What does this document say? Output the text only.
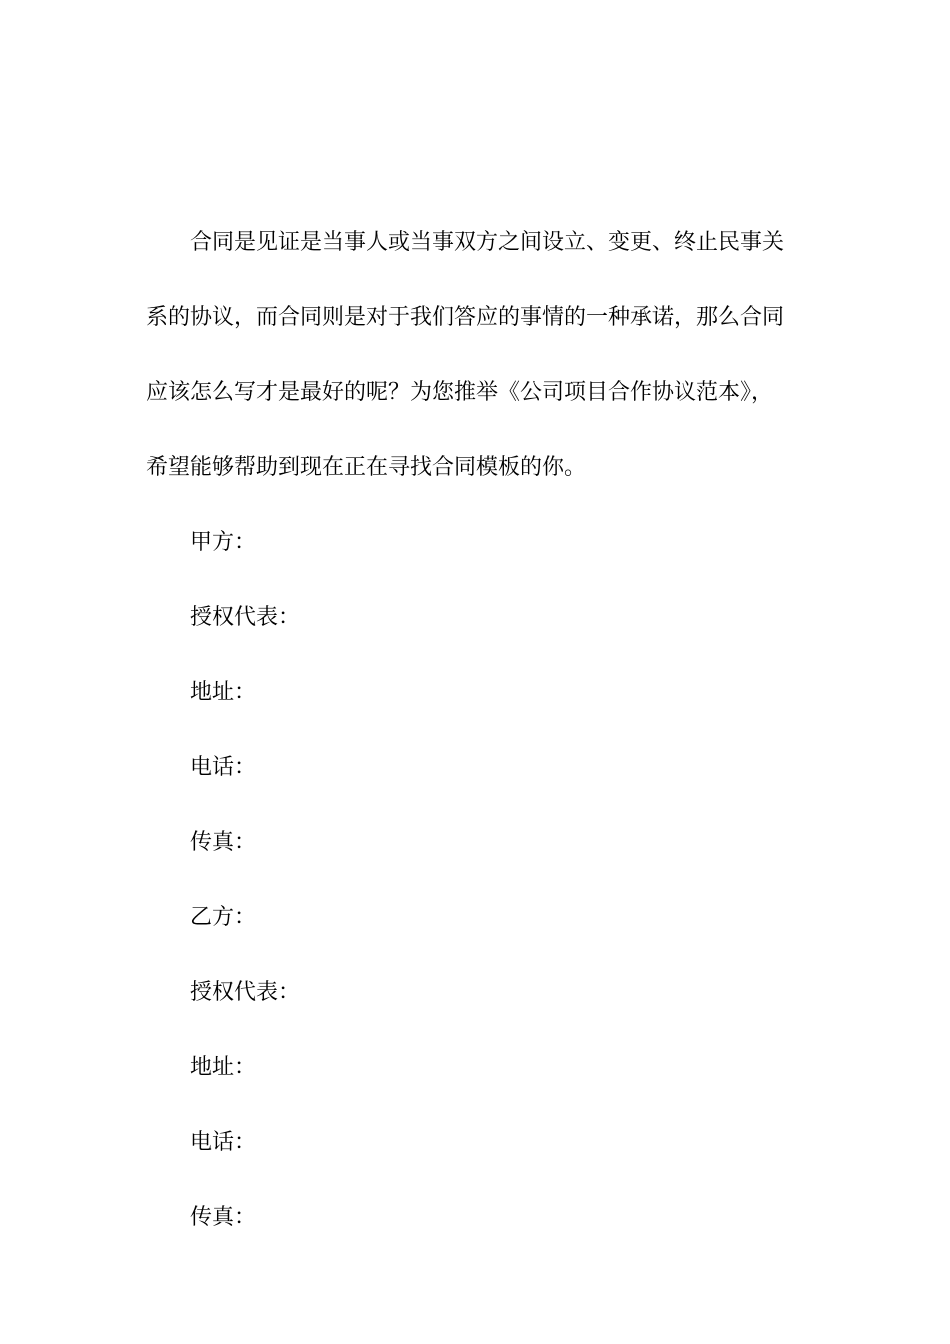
合同是见证是当事人或当事双方之间设立、变更、终止民事关
系的协议，而合同则是对于我们答应的事情的一种承诺，那么合同
应该怎么写才是最好的呢？为您推举《公司项目合作协议范本》，
希望能够帮助到现在正在寻找合同模板的你。
甲方：
授权代表：
地址：
电话：
传真：
乙方：
授权代表：
地址：
电话：
传真：
